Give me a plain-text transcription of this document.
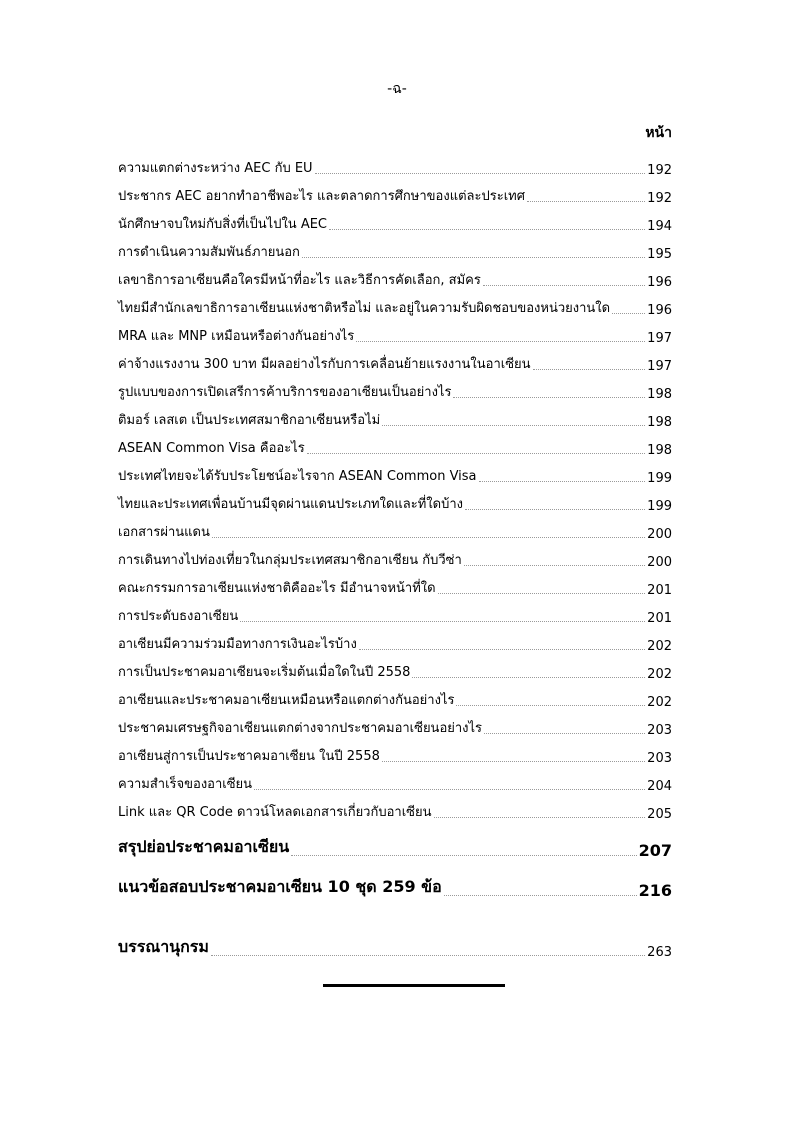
-ฉ-
หน้า
ความแตกต่างระหว่าง AEC กับ EU	192
ประชากร AEC อยากทำอาชีพอะไร และตลาดการศึกษาของแต่ละประเทศ	192
นักศึกษาจบใหม่กับสิ่งที่เป็นไปใน AEC	194
การดำเนินความสัมพันธ์ภายนอก	195
เลขาธิการอาเซียนคือใครมีหน้าที่อะไร และวิธีการคัดเลือก, สมัคร	196
ไทยมีสำนักเลขาธิการอาเซียนแห่งชาติหรือไม่ และอยู่ในความรับผิดชอบของหน่วยงานใด	196
MRA และ MNP เหมือนหรือต่างกันอย่างไร	197
ค่าจ้างแรงงาน 300 บาท มีผลอย่างไรกับการเคลื่อนย้ายแรงงานในอาเซียน	197
รูปแบบของการเปิดเสรีการค้าบริการของอาเซียนเป็นอย่างไร	198
ติมอร์ เลสเต เป็นประเทศสมาชิกอาเซียนหรือไม่	198
ASEAN Common Visa คืออะไร	198
ประเทศไทยจะได้รับประโยชน์อะไรจาก ASEAN Common Visa	199
ไทยและประเทศเพื่อนบ้านมีจุดผ่านแดนประเภทใดและที่ใดบ้าง	199
เอกสารผ่านแดน	200
การเดินทางไปท่องเที่ยวในกลุ่มประเทศสมาชิกอาเซียน กับวีซ่า	200
คณะกรรมการอาเซียนแห่งชาติคืออะไร มีอำนาจหน้าที่ใด	201
การประดับธงอาเซียน	201
อาเซียนมีความร่วมมือทางการเงินอะไรบ้าง	202
การเป็นประชาคมอาเซียนจะเริ่มต้นเมื่อใดในปี 2558	202
อาเซียนและประชาคมอาเซียนเหมือนหรือแตกต่างกันอย่างไร	202
ประชาคมเศรษฐกิจอาเซียนแตกต่างจากประชาคมอาเซียนอย่างไร	203
อาเซียนสู่การเป็นประชาคมอาเซียน ในปี 2558	203
ความสำเร็จของอาเซียน	204
Link และ QR Code ดาวน์โหลดเอกสารเกี่ยวกับอาเซียน	205
สรุปย่อประชาคมอาเซียน	207
แนวข้อสอบประชาคมอาเซียน 10 ชุด 259 ข้อ	216
บรรณานุกรม	263
